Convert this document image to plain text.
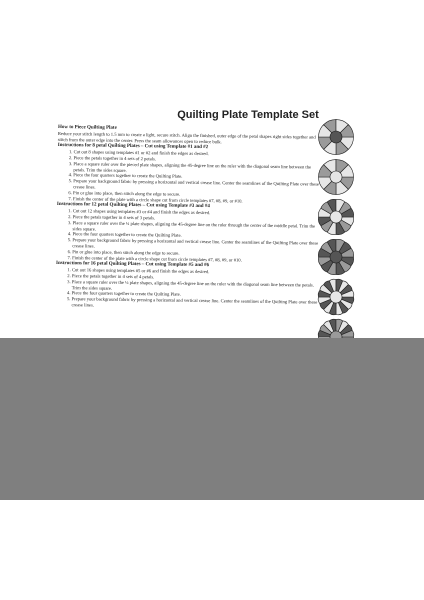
Quilting Plate Template Set
How to Piece Quilting Plate
Reduce your stitch length to 1.5 mm to create a light, secure stitch. Align the finished, outer edge of the petal shapes right sides together and stitch from the outer edge into the center. Press the seam allowances open to reduce bulk.
Instructions for 8 petal Quilting Plates – Cut using Template #1 and #2
1. Cut out 8 shapes using templates #1 or #2 and finish the edges as desired.
2. Piece the petals together in 4 sets of 2 petals.
3. Place a square ruler over the pieced plate shapes, aligning the 45-degree line on the ruler with the diagonal seam line between the petals. Trim the sides square.
4. Piece the four quarters together to create the Quilting Plate.
5. Prepare your background fabric by pressing a horizontal and vertical crease line. Center the seamlines of the Quilting Plate over these crease lines.
6. Pin or glue into place, then stitch along the edge to secure.
7. Finish the center of the plate with a circle shape cut from circle templates #7, #8, #9, or #10.
Instructions for 12 petal Quilting Plates – Cut using Template #3 and #4
1. Cut out 12 shapes using templates #3 or #4 and finish the edges as desired.
2. Piece the petals together in 4 sets of 3 petals.
3. Place a square ruler over the ¼ plate shapes, aligning the 45-degree line on the ruler through the center of the middle petal. Trim the sides square.
4. Piece the four quarters together to create the Quilting Plate.
5. Prepare your background fabric by pressing a horizontal and vertical crease line. Center the seamlines of the Quilting Plate over these crease lines.
6. Pin or glue into place, then stitch along the edge to secure.
7. Finish the center of the plate with a circle shape cut from circle templates #7, #8, #9, or #10.
Instructions for 16 petal Quilting Plates – Cut using Template #5 and #6
1. Cut out 16 shapes using templates #5 or #6 and finish the edges as desired.
2. Piece the petals together in 4 sets of 4 petals.
3. Place a square ruler over the ¼ plate shapes, aligning the 45-degree line on the ruler with the diagonal seam line between the petals. Trim the sides square.
4. Piece the four quarters together to create the Quilting Plate.
5. Prepare your background fabric by pressing a horizontal and vertical crease line. Center the seamlines of the Quilting Plate over these crease lines.
